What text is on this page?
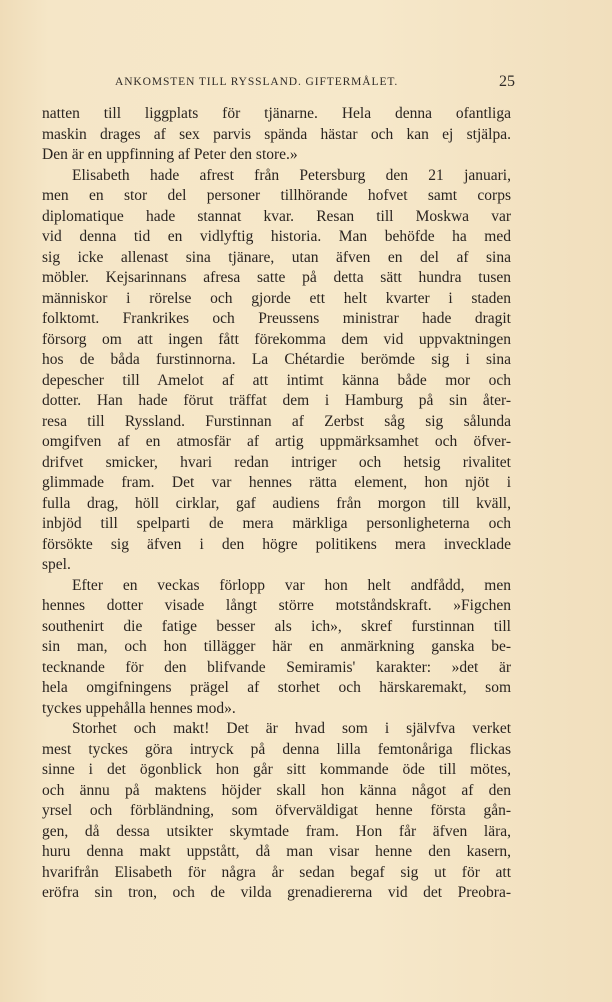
ANKOMSTEN TILL RYSSLAND. GIFTERMÅLET.	25
natten till liggplats för tjänarne. Hela denna ofantliga
maskin drages af sex parvis spända hästar och kan ej stjälpa.
Den är en uppfinning af Peter den store.»
Elisabeth hade afrest från Petersburg den 21 januari,
men en stor del personer tillhörande hofvet samt corps
diplomatique hade stannat kvar. Resan till Moskwa var
vid denna tid en vidlyftig historia. Man behöfde ha med
sig icke allenast sina tjänare, utan äfven en del af sina
möbler. Kejsarinnans afresa satte på detta sätt hundra tusen
människor i rörelse och gjorde ett helt kvarter i staden
folktomt. Frankrikes och Preussens ministrar hade dragit
försorg om att ingen fått förekomma dem vid uppvaktningen
hos de båda furstinnorna. La Chétardie berömde sig i sina
depescher till Amelot af att intimt känna både mor och
dotter. Han hade förut träffat dem i Hamburg på sin åter-
resa till Ryssland. Furstinnan af Zerbst såg sig sålunda
omgifven af en atmosfär af artig uppmärksamhet och öfver-
drifvet smicker, hvari redan intriger och hetsig rivalitet
glimmade fram. Det var hennes rätta element, hon njöt i
fulla drag, höll cirklar, gaf audiens från morgon till kväll,
inbjöd till spelparti de mera märkliga personligheterna och
försökte sig äfven i den högre politikens mera invecklade
spel.
Efter en veckas förlopp var hon helt andfådd, men
hennes dotter visade långt större motståndskraft. »Figchen
southenirt die fatige besser als ich», skref furstinnan till
sin man, och hon tillägger här en anmärkning ganska be-
tecknande för den blifvande Semiramis' karakter: »det är
hela omgifningens prägel af storhet och härskaremakt, som
tyckes uppehålla hennes mod».
Storhet och makt! Det är hvad som i självfva verket
mest tyckes göra intryck på denna lilla femtonåriga flickas
sinne i det ögonblick hon går sitt kommande öde till mötes,
och ännu på maktens höjder skall hon känna något af den
yrsel och förbländning, som öfverväldigat henne första gån-
gen, då dessa utsikter skymtade fram. Hon får äfven lära,
huru denna makt uppstått, då man visar henne den kasern,
hvarifrån Elisabeth för några år sedan begaf sig ut för att
eröfra sin tron, och de vilda grenadiererna vid det Preobra-
